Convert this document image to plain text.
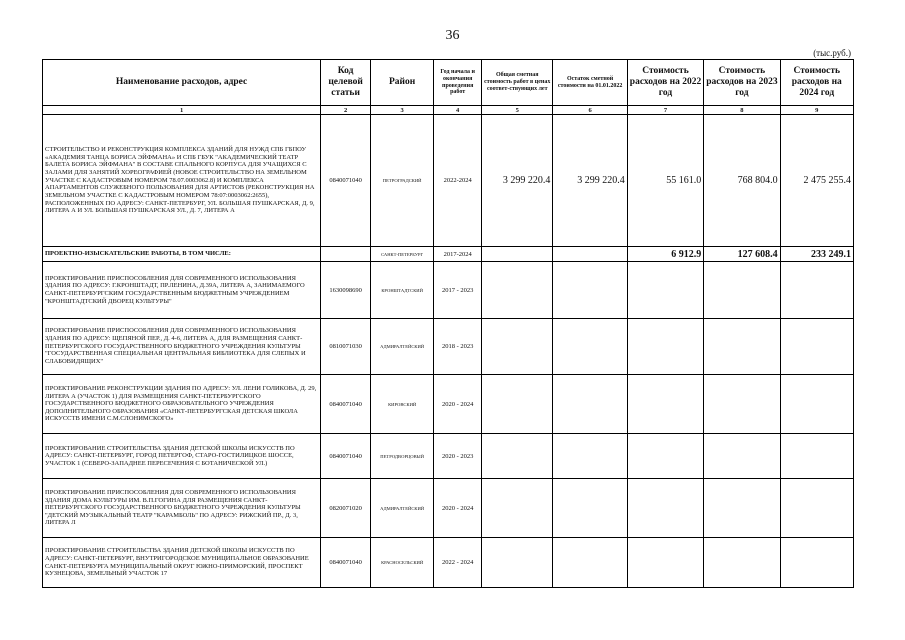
36
(тыс.руб.)
Наименование расходов, адрес	Код целевой статьи	Район	Год начала и окончания проведения работ	Общая сметная стоимость работ в ценах соответ-ствующих лет	Остаток сметной стоимости на 01.01.2022	Стоимость расходов на 2022 год	Стоимость расходов на 2023 год	Стоимость расходов на 2024 год
1	2	3	4	5	6	7	8	9
СТРОИТЕЛЬСТВО И РЕКОНСТРУКЦИЯ КОМПЛЕКСА ЗДАНИЙ ДЛЯ НУЖД СПБ ГБПОУ «АКАДЕМИЯ ТАНЦА БОРИСА ЭЙФМАНА» И СПБ ГБУК "АКАДЕМИЧЕСКИЙ ТЕАТР БАЛЕТА БОРИСА ЭЙФМАНА" В СОСТАВЕ СПАЛЬНОГО КОРПУСА ДЛЯ УЧАЩИХСЯ С ЗАЛАМИ ДЛЯ ЗАНЯТИЙ ХОРЕОГРАФИЕЙ (НОВОЕ СТРОИТЕЛЬСТВО НА ЗЕМЕЛЬНОМ УЧАСТКЕ С КАДАСТРОВЫМ НОМЕРОМ 78.07.0003062.8) И КОМПЛЕКСА АПАРТАМЕНТОВ СЛУЖЕБНОГО ПОЛЬЗОВАНИЯ ДЛЯ АРТИСТОВ (РЕКОНСТРУКЦИЯ НА ЗЕМЕЛЬНОМ УЧАСТКЕ С КАДАСТРОВЫМ НОМЕРОМ 78:07:0003062:2655), РАСПОЛОЖЕННЫХ ПО АДРЕСУ: САНКТ-ПЕТЕРБУРГ, УЛ. БОЛЬШАЯ ПУШКАРСКАЯ, Д. 9, ЛИТЕРА А И УЛ. БОЛЬШАЯ ПУШКАРСКАЯ УЛ., Д. 7, ЛИТЕРА А	0840071040	ПЕТРОГРАДСКИЙ	2022-2024	3 299 220.4	3 299 220.4	55 161.0	768 804.0	2 475 255.4
ПРОЕКТНО-ИЗЫСКАТЕЛЬСКИЕ РАБОТЫ, В ТОМ ЧИСЛЕ:		САНКТ-ПЕТЕРБУРГ	2017-2024			6 912.9	127 608.4	233 249.1
ПРОЕКТИРОВАНИЕ ПРИСПОСОБЛЕНИЯ ДЛЯ СОВРЕМЕННОГО ИСПОЛЬЗОВАНИЯ ЗДАНИЯ ПО АДРЕСУ: Г.КРОНШТАДТ, ПР.ЛЕНИНА, Д.39А, ЛИТЕРА А, ЗАНИМАЕМОГО САНКТ-ПЕТЕРБУРГСКИМ ГОСУДАРСТВЕННЫМ БЮДЖЕТНЫМ УЧРЕЖДЕНИЕМ "КРОНШТАДТСКИЙ ДВОРЕЦ КУЛЬТУРЫ"	1630098690	КРОНШТАДТСКИЙ	2017 - 2023					
ПРОЕКТИРОВАНИЕ ПРИСПОСОБЛЕНИЯ ДЛЯ СОВРЕМЕННОГО ИСПОЛЬЗОВАНИЯ ЗДАНИЯ ПО АДРЕСУ: ЩЕПЯНОЙ ПЕР., Д. 4-6, ЛИТЕРА А, ДЛЯ РАЗМЕЩЕНИЯ САНКТ-ПЕТЕРБУРГСКОГО ГОСУДАРСТВЕННОГО БЮДЖЕТНОГО УЧРЕЖДЕНИЯ КУЛЬТУРЫ "ГОСУДАРСТВЕННАЯ СПЕЦИАЛЬНАЯ ЦЕНТРАЛЬНАЯ БИБЛИОТЕКА ДЛЯ СЛЕПЫХ И СЛАБОВИДЯЩИХ"	0810071030	АДМИРАЛТЕЙСКИЙ	2018 - 2023					
ПРОЕКТИРОВАНИЕ РЕКОНСТРУКЦИИ ЗДАНИЯ ПО АДРЕСУ: УЛ. ЛЕНИ ГОЛИКОВА, Д. 29, ЛИТЕРА А (УЧАСТОК 1) ДЛЯ РАЗМЕЩЕНИЯ САНКТ-ПЕТЕРБУРГСКОГО ГОСУДАРСТВЕННОГО БЮДЖЕТНОГО ОБРАЗОВАТЕЛЬНОГО УЧРЕЖДЕНИЯ ДОПОЛНИТЕЛЬНОГО ОБРАЗОВАНИЯ «САНКТ-ПЕТЕРБУРГСКАЯ ДЕТСКАЯ ШКОЛА ИСКУССТВ ИМЕНИ С.М.СЛОНИМСКОГО»	0840071040	КИРОВСКИЙ	2020 - 2024					
ПРОЕКТИРОВАНИЕ СТРОИТЕЛЬСТВА ЗДАНИЯ ДЕТСКОЙ ШКОЛЫ ИСКУССТВ ПО АДРЕСУ: САНКТ-ПЕТЕРБУРГ, ГОРОД ПЕТЕРГОФ, СТАРО-ГОСТИЛИЦКОЕ ШОССЕ, УЧАСТОК 1 (СЕВЕРО-ЗАПАДНЕЕ ПЕРЕСЕЧЕНИЯ С БОТАНИЧЕСКОЙ УЛ.)	0840071040	ПЕТРОДВОРЦОВЫЙ	2020 - 2023					
ПРОЕКТИРОВАНИЕ ПРИСПОСОБЛЕНИЯ ДЛЯ СОВРЕМЕННОГО ИСПОЛЬЗОВАНИЯ ЗДАНИЯ ДОМА КУЛЬТУРЫ ИМ. В.П.ГОГИНА ДЛЯ РАЗМЕЩЕНИЯ САНКТ-ПЕТЕРБУРГСКОГО ГОСУДАРСТВЕННОГО БЮДЖЕТНОГО УЧРЕЖДЕНИЯ КУЛЬТУРЫ "ДЕТСКИЙ МУЗЫКАЛЬНЫЙ ТЕАТР "КАРАМБОЛЬ" ПО АДРЕСУ: РИЖСКИЙ ПР., Д. 3, ЛИТЕРА Л	0820071020	АДМИРАЛТЕЙСКИЙ	2020 - 2024					
ПРОЕКТИРОВАНИЕ СТРОИТЕЛЬСТВА ЗДАНИЯ ДЕТСКОЙ ШКОЛЫ ИСКУССТВ ПО АДРЕСУ: САНКТ-ПЕТЕРБУРГ, ВНУТРИГОРОДСКОЕ МУНИЦИПАЛЬНОЕ ОБРАЗОВАНИЕ САНКТ-ПЕТЕРБУРГА МУНИЦИПАЛЬНЫЙ ОКРУГ ЮЖНО-ПРИМОРСКИЙ, ПРОСПЕКТ КУЗНЕЦОВА, ЗЕМЕЛЬНЫЙ УЧАСТОК 17	0840071040	КРАСНОСЕЛЬСКИЙ	2022 - 2024					
